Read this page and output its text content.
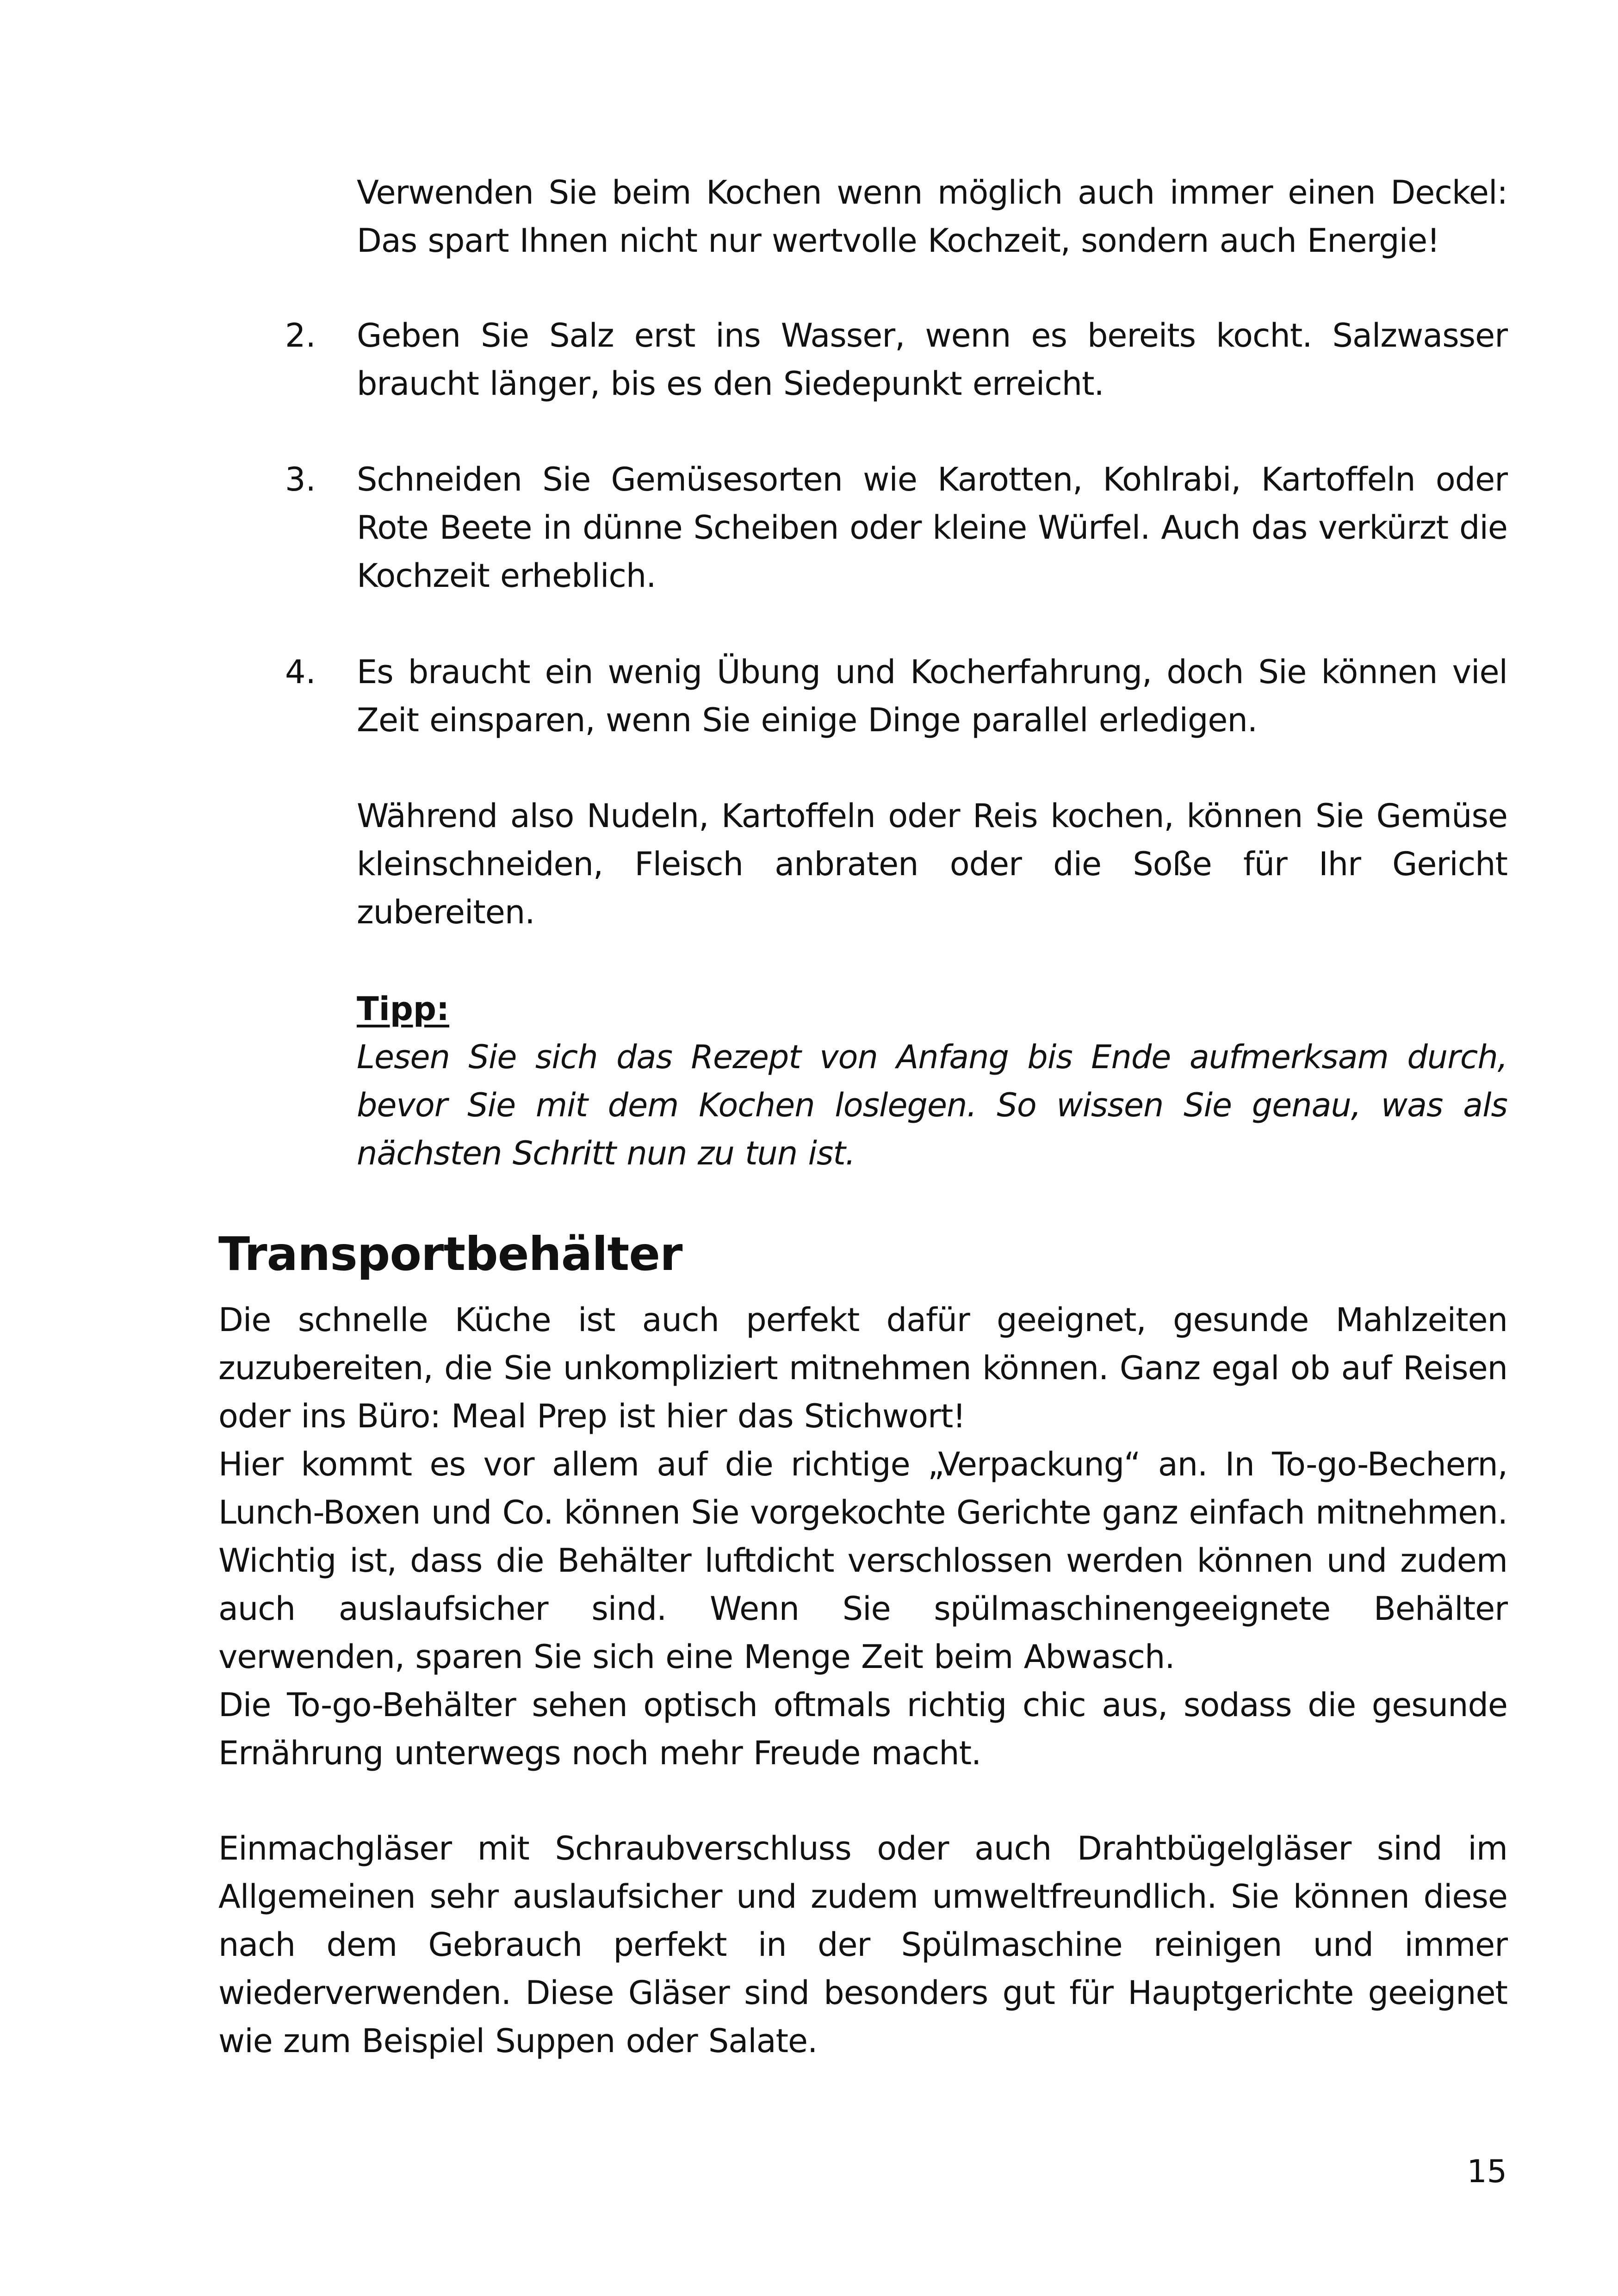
Verwenden Sie beim Kochen wenn möglich auch immer einen Deckel: Das spart Ihnen nicht nur wertvolle Kochzeit, sondern auch Energie!

2. Geben Sie Salz erst ins Wasser, wenn es bereits kocht. Salzwasser braucht länger, bis es den Siedepunkt erreicht.

3. Schneiden Sie Gemüsesorten wie Karotten, Kohlrabi, Kartoffeln oder Rote Beete in dünne Scheiben oder kleine Würfel. Auch das verkürzt die Kochzeit erheblich.

4. Es braucht ein wenig Übung und Kocherfahrung, doch Sie können viel Zeit einsparen, wenn Sie einige Dinge parallel erledigen.

Während also Nudeln, Kartoffeln oder Reis kochen, können Sie Gemüse kleinschneiden, Fleisch anbraten oder die Soße für Ihr Gericht zubereiten.

Tipp:

Lesen Sie sich das Rezept von Anfang bis Ende aufmerksam durch, bevor Sie mit dem Kochen loslegen. So wissen Sie genau, was als nächsten Schritt nun zu tun ist.

Transportbehälter

Die schnelle Küche ist auch perfekt dafür geeignet, gesunde Mahlzeiten zuzubereiten, die Sie unkompliziert mitnehmen können. Ganz egal ob auf Reisen oder ins Büro: Meal Prep ist hier das Stichwort!

Hier kommt es vor allem auf die richtige „Verpackung“ an. In To-go-Bechern, Lunch-Boxen und Co. können Sie vorgekochte Gerichte ganz einfach mitnehmen. Wichtig ist, dass die Behälter luftdicht verschlossen werden können und zudem auch auslaufsicher sind. Wenn Sie spülmaschinengeeignete Behälter verwenden, sparen Sie sich eine Menge Zeit beim Abwasch.

Die To-go-Behälter sehen optisch oftmals richtig chic aus, sodass die gesunde Ernährung unterwegs noch mehr Freude macht.

Einmachgläser mit Schraubverschluss oder auch Drahtbügelgläser sind im Allgemeinen sehr auslaufsicher und zudem umweltfreundlich. Sie können diese nach dem Gebrauch perfekt in der Spülmaschine reinigen und immer wiederverwenden. Diese Gläser sind besonders gut für Hauptgerichte geeignet wie zum Beispiel Suppen oder Salate.

15
